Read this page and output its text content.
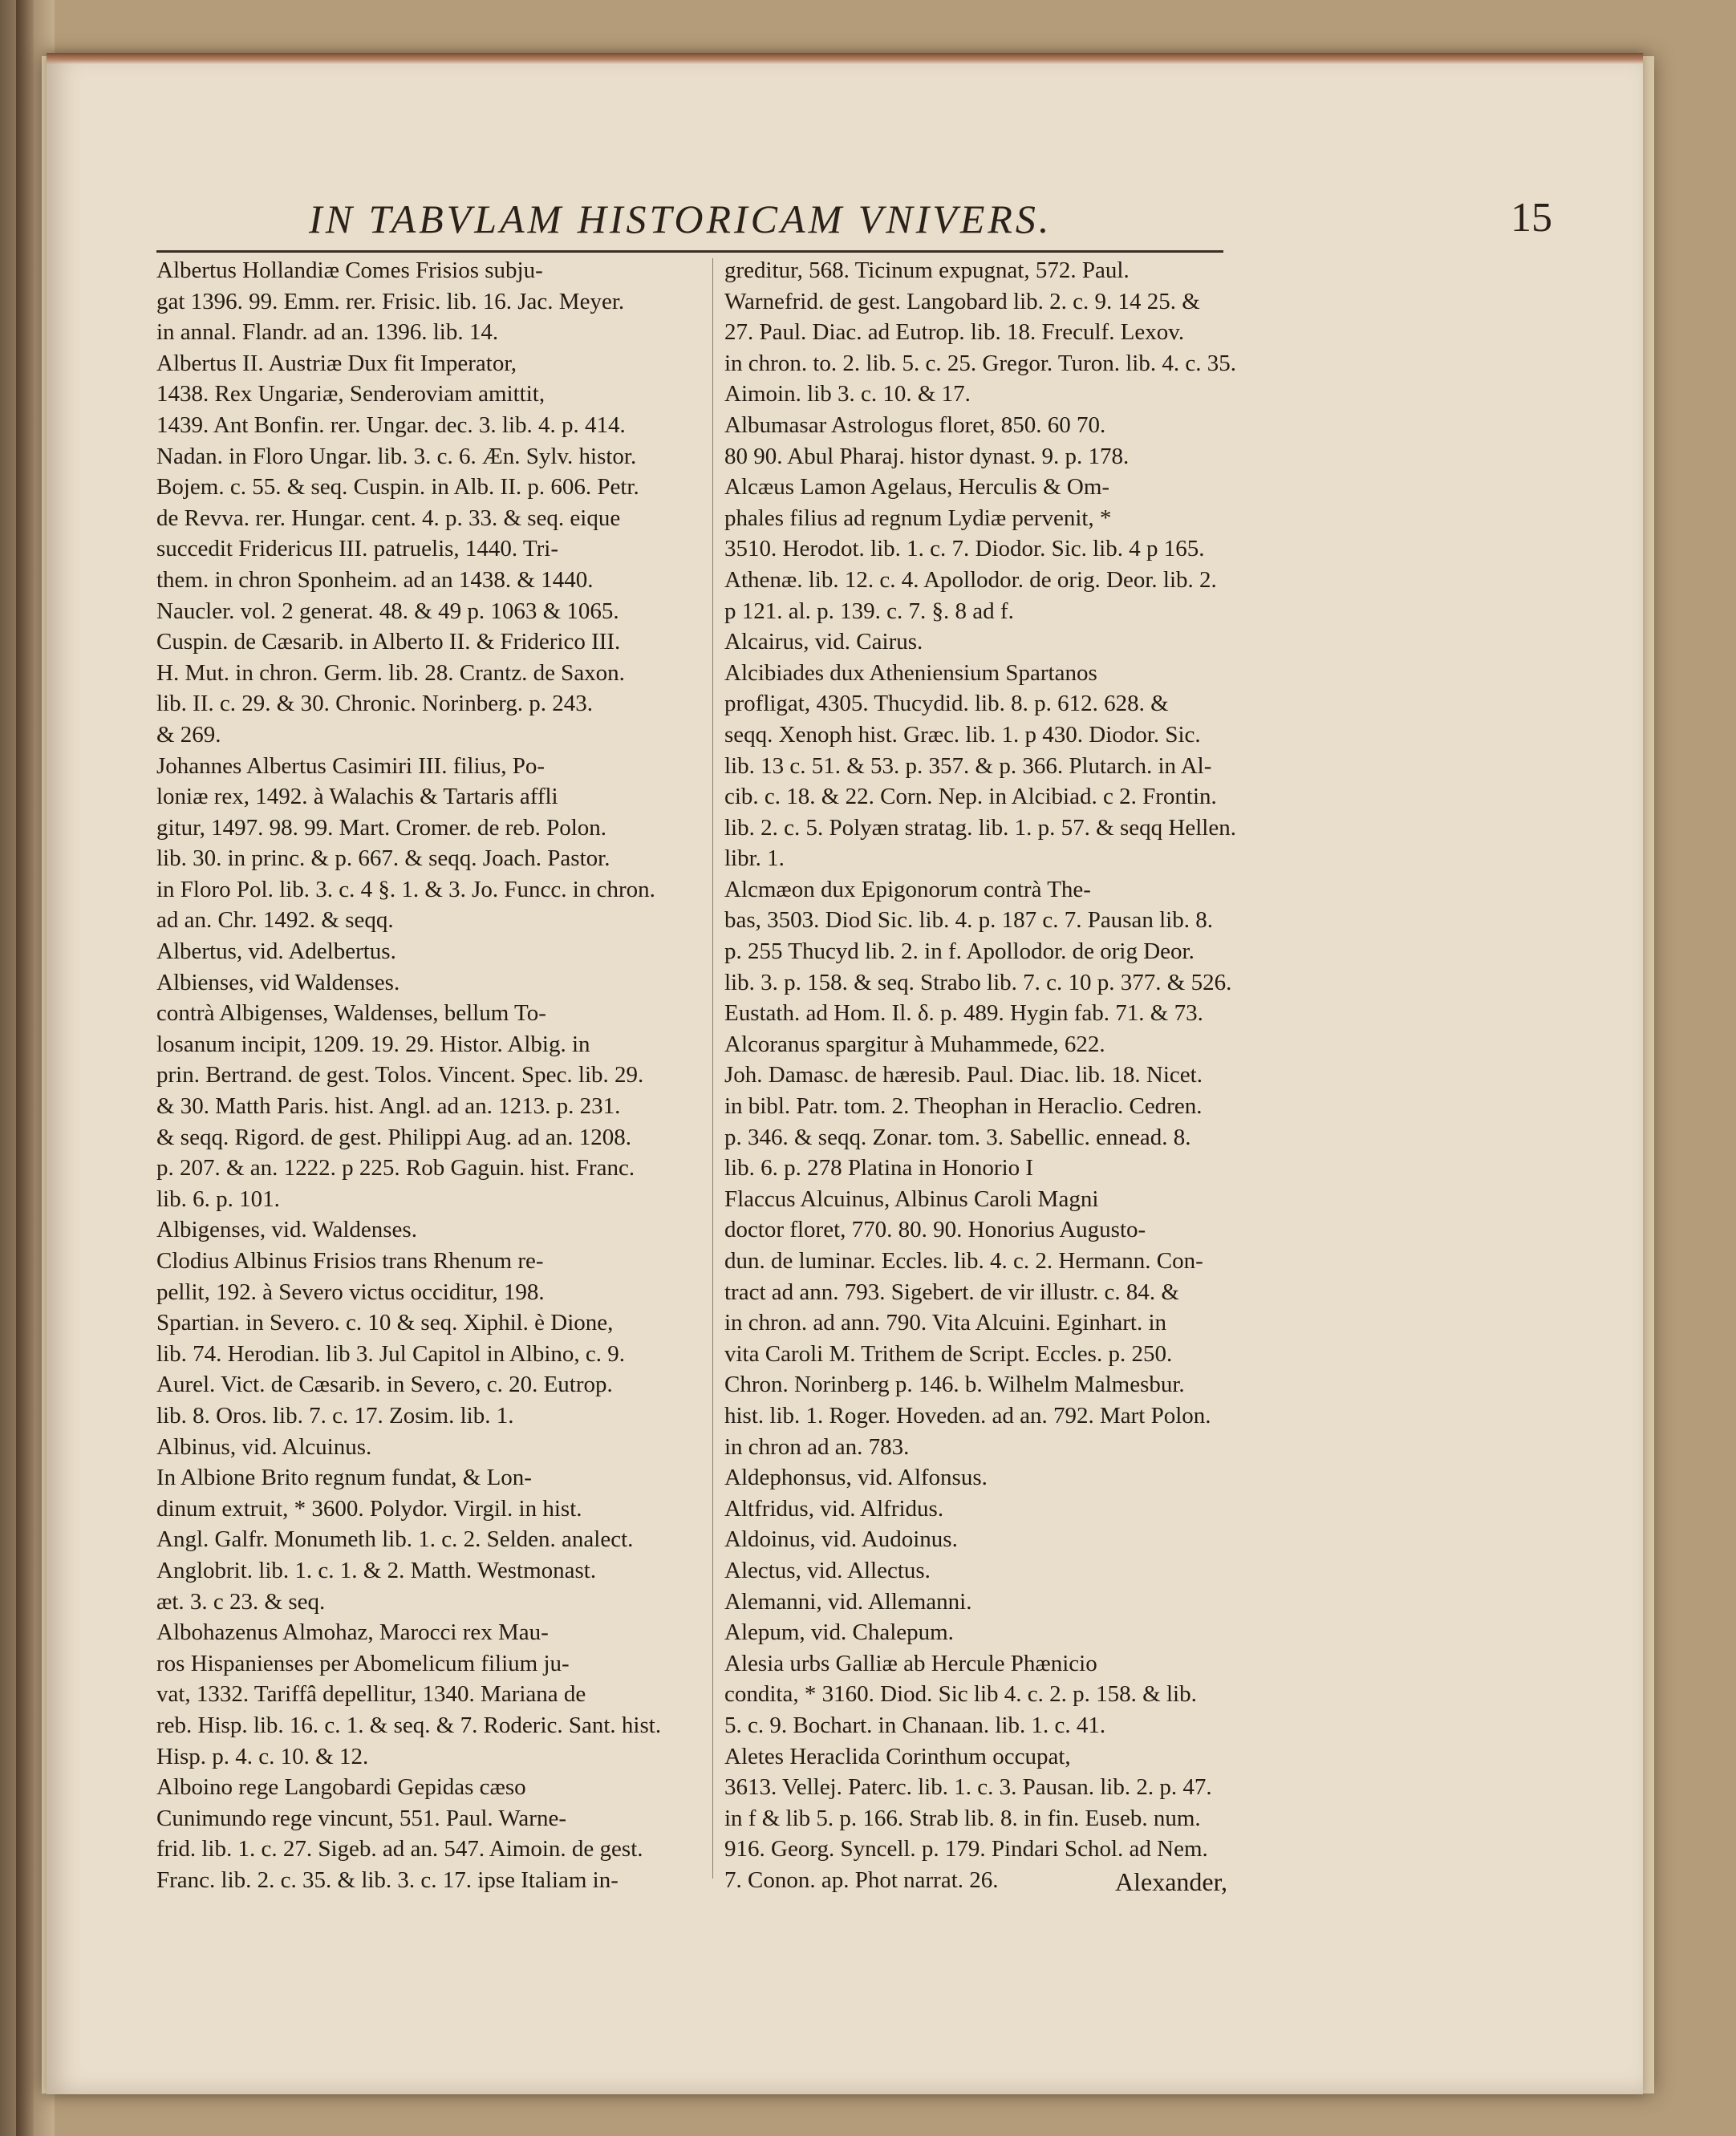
IN TABVLAM HISTORICAM VNIVERS.	15
Albertus Hollandiæ Comes Frisios subju-
gat 1396. 99. Emm. rer. Frisic. lib. 16. Jac. Meyer.
in annal. Flandr. ad an. 1396. lib. 14.
Albertus II. Austriæ Dux fit Imperator,
1438. Rex Ungariæ, Senderoviam amittit,
1439. Ant Bonfin. rer. Ungar. dec. 3. lib. 4. p. 414.
Nadan. in Floro Ungar. lib. 3. c. 6. Æn. Sylv. histor.
Bojem. c. 55. & seq. Cuspin. in Alb. II. p. 606. Petr.
de Revva. rer. Hungar. cent. 4. p. 33. & seq. eique
succedit Fridericus III. patruelis, 1440. Tri-
them. in chron Sponheim. ad an 1438. & 1440.
Naucler. vol. 2 generat. 48. & 49 p. 1063 & 1065.
Cuspin. de Cæsarib. in Alberto II. & Friderico III.
H. Mut. in chron. Germ. lib. 28. Crantz. de Saxon.
lib. II. c. 29. & 30. Chronic. Norinberg. p. 243.
& 269.
Johannes Albertus Casimiri III. filius, Po-
loniæ rex, 1492. à Walachis & Tartaris affli
gitur, 1497. 98. 99. Mart. Cromer. de reb. Polon.
lib. 30. in princ. & p. 667. & seqq. Joach. Pastor.
in Floro Pol. lib. 3. c. 4 §. 1. & 3. Jo. Funcc. in chron.
ad an. Chr. 1492. & seqq.
Albertus, vid. Adelbertus.
Albienses, vid Waldenses.
contrà Albigenses, Waldenses, bellum To-
losanum incipit, 1209. 19. 29. Histor. Albig. in
prin. Bertrand. de gest. Tolos. Vincent. Spec. lib. 29.
& 30. Matth Paris. hist. Angl. ad an. 1213. p. 231.
& seqq. Rigord. de gest. Philippi Aug. ad an. 1208.
p. 207. & an. 1222. p 225. Rob Gaguin. hist. Franc.
lib. 6. p. 101.
Albigenses, vid. Waldenses.
Clodius Albinus Frisios trans Rhenum re-
pellit, 192. à Severo victus occiditur, 198.
Spartian. in Severo. c. 10 & seq. Xiphil. è Dione,
lib. 74. Herodian. lib 3. Jul Capitol in Albino, c. 9.
Aurel. Vict. de Cæsarib. in Severo, c. 20. Eutrop.
lib. 8. Oros. lib. 7. c. 17. Zosim. lib. 1.
Albinus, vid. Alcuinus.
In Albione Brito regnum fundat, & Lon-
dinum extruit, * 3600. Polydor. Virgil. in hist.
Angl. Galfr. Monumeth lib. 1. c. 2. Selden. analect.
Anglobrit. lib. 1. c. 1. & 2. Matth. Westmonast.
æt. 3. c 23. & seq.
Albohazenus Almohaz, Marocci rex Mau-
ros Hispanienses per Abomelicum filium ju-
vat, 1332. Tariffâ depellitur, 1340. Mariana de
reb. Hisp. lib. 16. c. 1. & seq. & 7. Roderic. Sant. hist.
Hisp. p. 4. c. 10. & 12.
Alboino rege Langobardi Gepidas cæso
Cunimundo rege vincunt, 551. Paul. Warne-
frid. lib. 1. c. 27. Sigeb. ad an. 547. Aimoin. de gest.
Franc. lib. 2. c. 35. & lib. 3. c. 17. ipse Italiam in-
greditur, 568. Ticinum expugnat, 572. Paul.
Warnefrid. de gest. Langobard lib. 2. c. 9. 14 25. &
27. Paul. Diac. ad Eutrop. lib. 18. Freculf. Lexov.
in chron. to. 2. lib. 5. c. 25. Gregor. Turon. lib. 4. c. 35.
Aimoin. lib 3. c. 10. & 17.
Albumasar Astrologus floret, 850. 60 70.
80 90. Abul Pharaj. histor dynast. 9. p. 178.
Alcæus Lamon Agelaus, Herculis & Om-
phales filius ad regnum Lydiæ pervenit, *
3510. Herodot. lib. 1. c. 7. Diodor. Sic. lib. 4 p 165.
Athenæ. lib. 12. c. 4. Apollodor. de orig. Deor. lib. 2.
p 121. al. p. 139. c. 7. §. 8 ad f.
Alcairus, vid. Cairus.
Alcibiades dux Atheniensium Spartanos
profligat, 4305. Thucydid. lib. 8. p. 612. 628. &
seqq. Xenoph hist. Græc. lib. 1. p 430. Diodor. Sic.
lib. 13 c. 51. & 53. p. 357. & p. 366. Plutarch. in Al-
cib. c. 18. & 22. Corn. Nep. in Alcibiad. c 2. Frontin.
lib. 2. c. 5. Polyæn stratag. lib. 1. p. 57. & seqq Hellen.
libr. 1.
Alcmæon dux Epigonorum contrà The-
bas, 3503. Diod Sic. lib. 4. p. 187 c. 7. Pausan lib. 8.
p. 255 Thucyd lib. 2. in f. Apollodor. de orig Deor.
lib. 3. p. 158. & seq. Strabo lib. 7. c. 10 p. 377. & 526.
Eustath. ad Hom. Il. δ. p. 489. Hygin fab. 71. & 73.
Alcoranus spargitur à Muhammede, 622.
Joh. Damasc. de hæresib. Paul. Diac. lib. 18. Nicet.
in bibl. Patr. tom. 2. Theophan in Heraclio. Cedren.
p. 346. & seqq. Zonar. tom. 3. Sabellic. ennead. 8.
lib. 6. p. 278 Platina in Honorio I
Flaccus Alcuinus, Albinus Caroli Magni
doctor floret, 770. 80. 90. Honorius Augusto-
dun. de luminar. Eccles. lib. 4. c. 2. Hermann. Con-
tract ad ann. 793. Sigebert. de vir illustr. c. 84. &
in chron. ad ann. 790. Vita Alcuini. Eginhart. in
vita Caroli M. Trithem de Script. Eccles. p. 250.
Chron. Norinberg p. 146. b. Wilhelm Malmesbur.
hist. lib. 1. Roger. Hoveden. ad an. 792. Mart Polon.
in chron ad an. 783.
Aldephonsus, vid. Alfonsus.
Altfridus, vid. Alfridus.
Aldoinus, vid. Audoinus.
Alectus, vid. Allectus.
Alemanni, vid. Allemanni.
Alepum, vid. Chalepum.
Alesia urbs Galliæ ab Hercule Phænicio
condita, * 3160. Diod. Sic lib 4. c. 2. p. 158. & lib.
5. c. 9. Bochart. in Chanaan. lib. 1. c. 41.
Aletes Heraclida Corinthum occupat,
3613. Vellej. Paterc. lib. 1. c. 3. Pausan. lib. 2. p. 47.
in f & lib 5. p. 166. Strab lib. 8. in fin. Euseb. num.
916. Georg. Syncell. p. 179. Pindari Schol. ad Nem.
7. Conon. ap. Phot narrat. 26.	Alexander,
